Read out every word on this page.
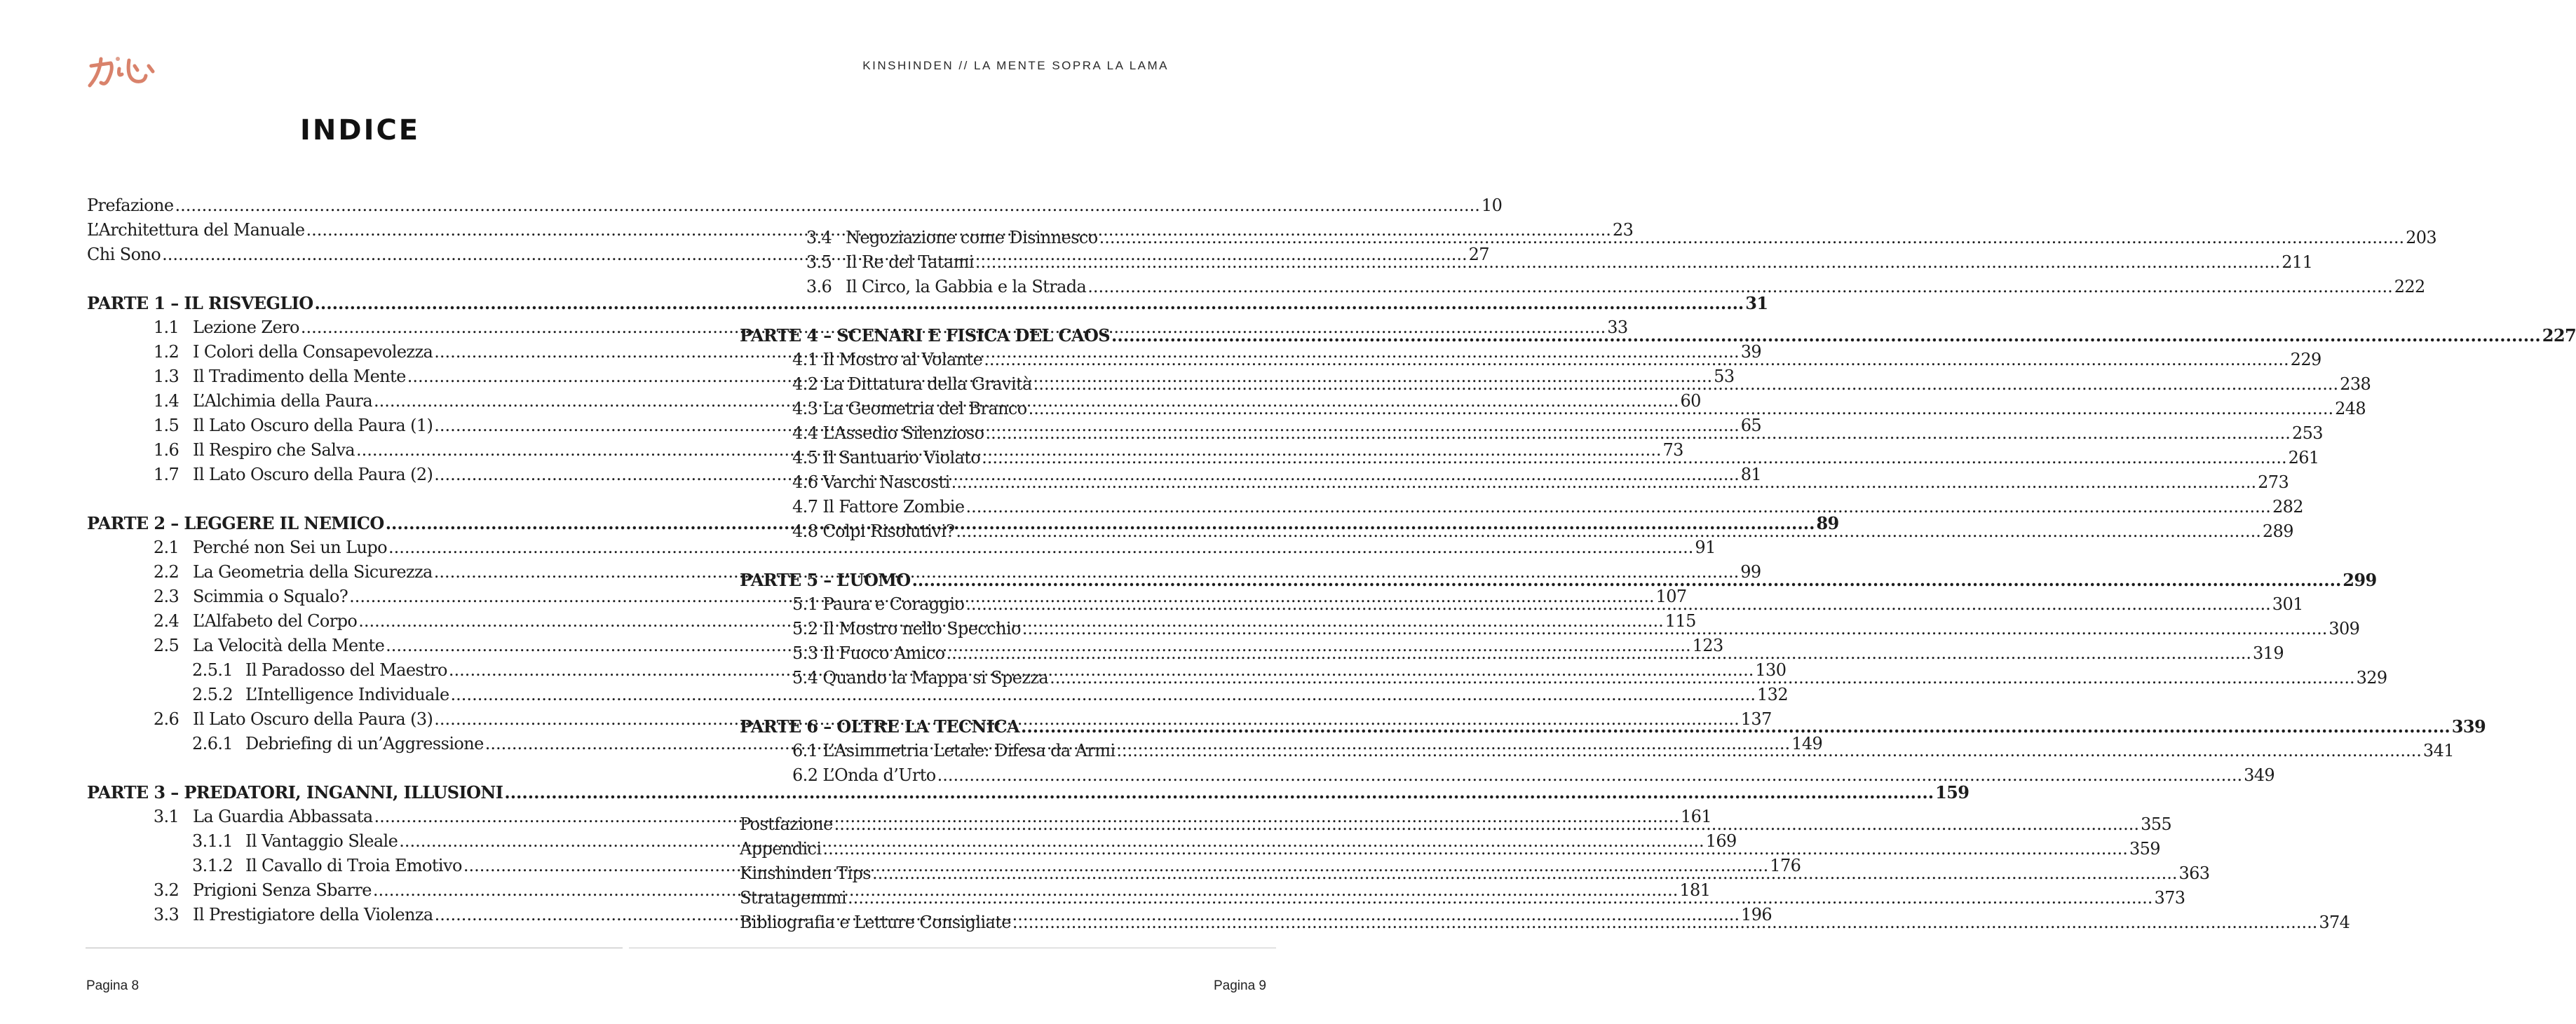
KINSHINDEN // LA MENTE SOPRA LA LAMA
INDICE
Prefazione .....	10
L’Architettura del Manuale .....	23
Chi Sono .....	27
PARTE 1 – IL RISVEGLIO .....	31
1.1 Lezione Zero .....	33
1.2 I Colori della Consapevolezza .....	39
1.3 Il Tradimento della Mente .....	53
1.4 L’Alchimia della Paura .....	60
1.5 Il Lato Oscuro della Paura (1) .....	65
1.6 Il Respiro che Salva .....	73
1.7 Il Lato Oscuro della Paura (2) .....	81
PARTE 2 – LEGGERE IL NEMICO .....	89
2.1 Perché non Sei un Lupo .....	91
2.2 La Geometria della Sicurezza .....	99
2.3 Scimmia o Squalo? .....	107
2.4 L’Alfabeto del Corpo .....	115
2.5 La Velocità della Mente .....	123
2.5.1 Il Paradosso del Maestro .....	130
2.5.2 L’Intelligence Individuale .....	132
2.6 Il Lato Oscuro della Paura (3) .....	137
2.6.1 Debriefing di un’Aggressione .....	149
PARTE 3 – PREDATORI, INGANNI, ILLUSIONI .....	159
3.1 La Guardia Abbassata .....	161
3.1.1 Il Vantaggio Sleale .....	169
3.1.2 Il Cavallo di Troia Emotivo .....	176
3.2 Prigioni Senza Sbarre .....	181
3.3 Il Prestigiatore della Violenza .....	196
3.4 Negoziazione come Disinnesco .....	203
3.5 Il Re del Tatami .....	211
3.6 Il Circo, la Gabbia e la Strada .....	222
PARTE 4 – SCENARI E FISICA DEL CAOS .....	227
4.1 Il Mostro al Volante .....	229
4.2 La Dittatura della Gravità .....	238
4.3 La Geometria del Branco .....	248
4.4 L’Assedio Silenzioso .....	253
4.5 Il Santuario Violato .....	261
4.6 Varchi Nascosti .....	273
4.7 Il Fattore Zombie .....	282
4.8 Colpi Risolutivi? .....	289
PARTE 5 – L’UOMO .....	299
5.1 Paura e Coraggio .....	301
5.2 Il Mostro nello Specchio .....	309
5.3 Il Fuoco Amico .....	319
5.4 Quando la Mappa si Spezza .....	329
PARTE 6 – OLTRE LA TECNICA .....	339
6.1 L’Asimmetria Letale: Difesa da Armi .....	341
6.2 L’Onda d’Urto .....	349
Postfazione .....	355
Appendici .....	359
Kinshinden Tips .....	363
Stratagemmi .....	373
Bibliografia e Letture Consigliate .....	374
Pagina 8	Pagina 9
